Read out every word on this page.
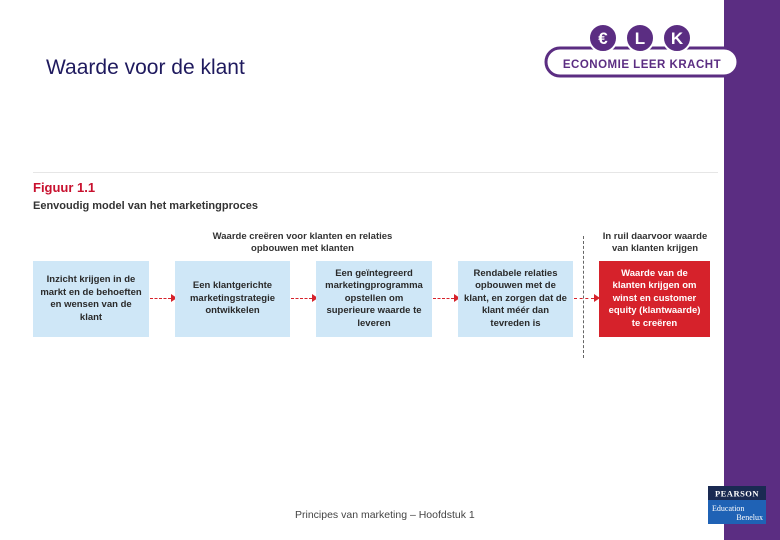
Waarde voor de klant
€ L K
ECONOMIE LEER KRACHT
Figuur 1.1
Eenvoudig model van het marketingproces
Waarde creëren voor klanten en relaties opbouwen met klanten
In ruil daarvoor waarde van klanten krijgen
Inzicht krijgen in de markt en de behoeften en wensen van de klant
Een klantgerichte marketingstrategie ontwikkelen
Een geïntegreerd marketingprogramma opstellen om superieure waarde te leveren
Rendabele relaties opbouwen met de klant, en zorgen dat de klant méér dan tevreden is
Waarde van de klanten krijgen om winst en customer equity (klantwaarde) te creëren
Principes van marketing – Hoofdstuk 1
PEARSON
Education
Benelux
